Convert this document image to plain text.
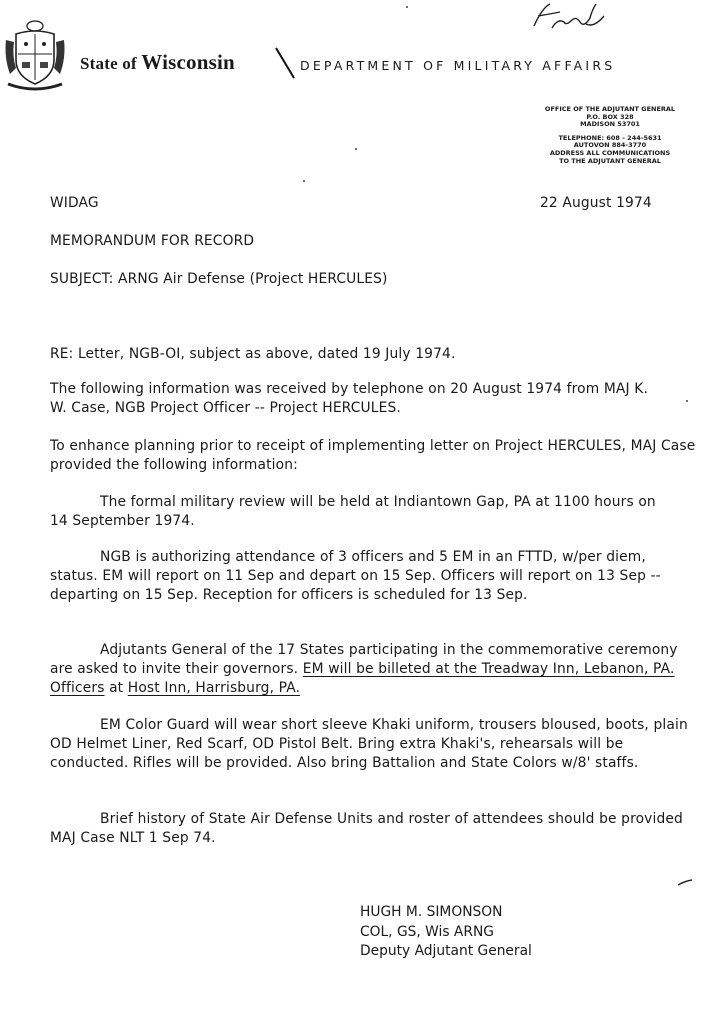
State of Wisconsin	DEPARTMENT OF MILITARY AFFAIRS
OFFICE OF THE ADJUTANT GENERAL
P.O. BOX 328
MADISON 53701
TELEPHONE: 608 - 244-5631
AUTOVON 884-3770
ADDRESS ALL COMMUNICATIONS
TO THE ADJUTANT GENERAL
WIDAG	22 August 1974
MEMORANDUM FOR RECORD
SUBJECT: ARNG Air Defense (Project HERCULES)
RE: Letter, NGB-OI, subject as above, dated 19 July 1974.
The following information was received by telephone on 20 August 1974 from MAJ K. W. Case, NGB Project Officer -- Project HERCULES.
To enhance planning prior to receipt of implementing letter on Project HERCULES, MAJ Case provided the following information:
The formal military review will be held at Indiantown Gap, PA at 1100 hours on 14 September 1974.
NGB is authorizing attendance of 3 officers and 5 EM in an FTTD, w/per diem, status. EM will report on 11 Sep and depart on 15 Sep. Officers will report on 13 Sep -- departing on 15 Sep. Reception for officers is scheduled for 13 Sep.
Adjutants General of the 17 States participating in the commemorative ceremony are asked to invite their governors. EM will be billeted at the Treadway Inn, Lebanon, PA. Officers at Host Inn, Harrisburg, PA.
EM Color Guard will wear short sleeve Khaki uniform, trousers bloused, boots, plain OD Helmet Liner, Red Scarf, OD Pistol Belt. Bring extra Khaki's, rehearsals will be conducted. Rifles will be provided. Also bring Battalion and State Colors w/8' staffs.
Brief history of State Air Defense Units and roster of attendees should be provided MAJ Case NLT 1 Sep 74.
HUGH M. SIMONSON
COL, GS, Wis ARNG
Deputy Adjutant General
